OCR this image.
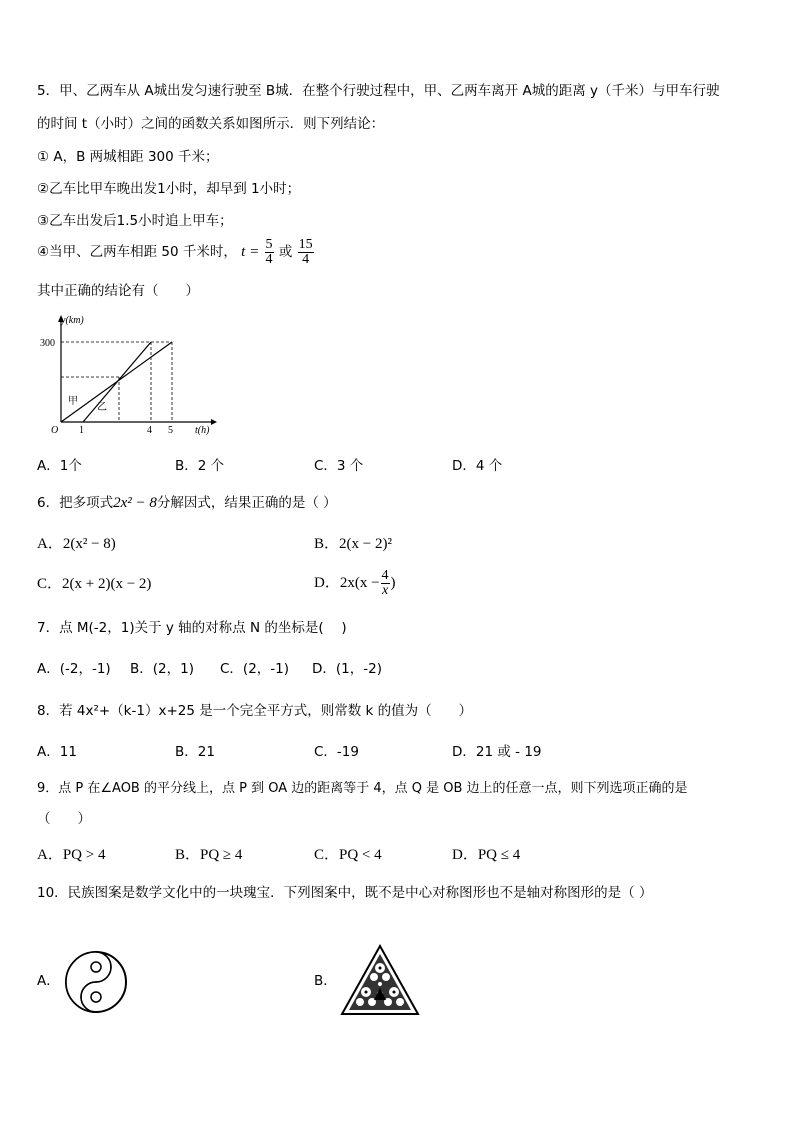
5．甲、乙两车从 A城出发匀速行驶至 B城．在整个行驶过程中，甲、乙两车离开 A城的距离 y（千米）与甲车行驶
的时间 t（小时）之间的函数关系如图所示．则下列结论：
① A，B 两城相距 300 千米；
②乙车比甲车晚出发1小时，却早到 1小时；
③乙车出发后1.5小时追上甲车；
④当甲、乙两车相距 50 千米时， $t = \frac{5}{4}$ 或 $\frac{15}{4}$
其中正确的结论有（　　）
y(km)
300
O 1	4 5 t(h)
甲
乙
A．1个	B．2 个	C．3 个	D．4 个
6．把多项式2x² − 8分解因式，结果正确的是（ ）
A．2(x² − 8)	B．2(x − 2)²
C．2(x + 2)(x − 2)	D．$2x(x - \frac{4}{x}$ )
7．点 M(-2，1)关于 y 轴的对称点 N 的坐标是(　 )
A．(-2，-1) B．(2，1) C．(2，-1) D．(1，-2)
8．若 4x²+（k-1）x+25 是一个完全平方式，则常数 k 的值为（　　）
A．11	B．21	C．-19	D．21 或 - 19
9．点 P 在∠AOB 的平分线上，点 P 到 OA 边的距离等于 4，点 Q 是 OB 边上的任意一点，则下列选项正确的是
（　　）
A．PQ > 4	B．PQ ≥ 4	C．PQ < 4	D．PQ ≤ 4
10．民族图案是数学文化中的一块瑰宝．下列图案中，既不是中心对称图形也不是轴对称图形的是（ ）
A．	B．
